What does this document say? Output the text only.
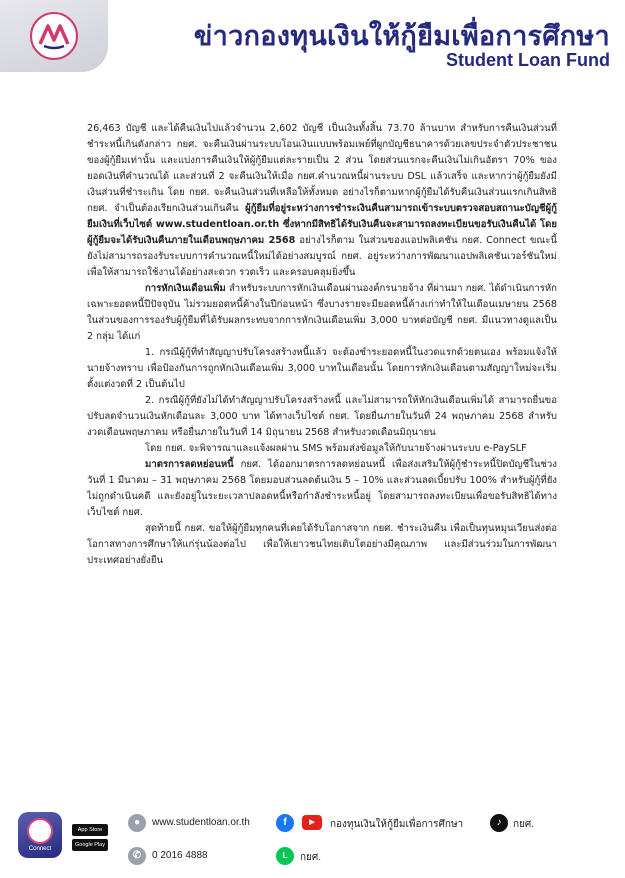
ข่าวกองทุนเงินให้กู้ยืมเพื่อการศึกษา
Student Loan Fund

26,463 บัญชี และได้คืนเงินไปแล้วจำนวน 2,602 บัญชี เป็นเงินทั้งสิ้น 73.70 ล้านบาท สำหรับการคืนเงินส่วนที่ชำระหนี้เกินดังกล่าว กยศ. จะคืนเงินผ่านระบบโอนเงินแบบพร้อมเพย์ที่ผูกบัญชีธนาคารด้วยเลขประจำตัวประชาชนของผู้กู้ยืมเท่านั้น และแบ่งการคืนเงินให้ผู้กู้ยืมแต่ละรายเป็น 2 ส่วน โดยส่วนแรกจะคืนเงินไม่เกินอัตรา 70% ของยอดเงินที่คำนวณได้ และส่วนที่ 2 จะคืนเงินให้เมื่อ กยศ.คำนวณหนี้ผ่านระบบ DSL แล้วเสร็จ และหากว่าผู้กู้ยืมยังมีเงินส่วนที่ชำระเกิน โดย กยศ. จะคืนเงินส่วนที่เหลือให้ทั้งหมด อย่างไรก็ตามหากผู้กู้ยืมได้รับคืนเงินส่วนแรกเกินสิทธิ กยศ. จำเป็นต้องเรียกเงินส่วนเกินคืน ผู้กู้ยืมที่อยู่ระหว่างการชำระเงินคืนสามารถเข้าระบบตรวจสอบสถานะบัญชีผู้กู้ยืมเงินที่เว็บไซต์ www.studentloan.or.th ซึ่งหากมีสิทธิได้รับเงินคืนจะสามารถลงทะเบียนขอรับเงินคืนได้ โดยผู้กู้ยืมจะได้รับเงินคืนภายในเดือนพฤษภาคม 2568 อย่างไรก็ตาม ในส่วนของแอปพลิเคชัน กยศ. Connect ขณะนี้ยังไม่สามารถรองรับระบบการคำนวณหนี้ใหม่ได้อย่างสมบูรณ์ กยศ. อยู่ระหว่างการพัฒนาแอปพลิเคชันเวอร์ชันใหม่ เพื่อให้สามารถใช้งานได้อย่างสะดวก รวดเร็ว และครอบคลุมยิ่งขึ้น

การหักเงินเดือนเพิ่ม สำหรับระบบการหักเงินเดือนผ่านองค์กรนายจ้าง ที่ผ่านมา กยศ. ได้ดำเนินการหักเฉพาะยอดหนี้ปีปัจจุบัน ไม่รวมยอดหนี้ค้างในปีก่อนหน้า ซึ่งบางรายจะมียอดหนี้ค้างเก่าทำให้ในเดือนเมษายน 2568 ในส่วนของการรองรับผู้กู้ยืมที่ได้รับผลกระทบจากการหักเงินเดือนเพิ่ม 3,000 บาทต่อบัญชี กยศ. มีแนวทางดูแลเป็น 2 กลุ่ม ได้แก่

1. กรณีผู้กู้ที่ทำสัญญาปรับโครงสร้างหนี้แล้ว จะต้องชำระยอดหนี้ในงวดแรกด้วยตนเอง พร้อมแจ้งให้นายจ้างทราบ เพื่อป้องกันการถูกหักเงินเดือนเพิ่ม 3,000 บาทในเดือนนั้น โดยการหักเงินเดือนตามสัญญาใหม่จะเริ่มตั้งแต่งวดที่ 2 เป็นต้นไป

2. กรณีผู้กู้ที่ยังไม่ได้ทำสัญญาปรับโครงสร้างหนี้ และไม่สามารถให้หักเงินเดือนเพิ่มได้ สามารถยื่นขอปรับลดจำนวนเงินหักเดือนละ 3,000 บาท ได้ทางเว็บไซต์ กยศ. โดยยื่นภายในวันที่ 24 พฤษภาคม 2568 สำหรับงวดเดือนพฤษภาคม หรือยื่นภายในวันที่ 14 มิถุนายน 2568 สำหรับงวดเดือนมิถุนายน

โดย กยศ. จะพิจารณาและแจ้งผลผ่าน SMS พร้อมส่งข้อมูลให้กับนายจ้างผ่านระบบ e-PaySLF

มาตรการลดหย่อนหนี้ กยศ. ได้ออกมาตรการลดหย่อนหนี้ เพื่อส่งเสริมให้ผู้กู้ชำระหนี้ปิดบัญชีในช่วงวันที่ 1 มีนาคม – 31 พฤษภาคม 2568 โดยมอบส่วนลดต้นเงิน 5 – 10% และส่วนลดเบี้ยปรับ 100% สำหรับผู้กู้ที่ยังไม่ถูกดำเนินคดี และยังอยู่ในระยะเวลาปลอดหนี้หรือกำลังชำระหนี้อยู่ โดยสามารถลงทะเบียนเพื่อขอรับสิทธิได้ทางเว็บไซต์ กยศ.

สุดท้ายนี้ กยศ. ขอให้ผู้กู้ยืมทุกคนที่เคยได้รับโอกาสจาก กยศ. ชำระเงินคืน เพื่อเป็นทุนหมุนเวียนส่งต่อโอกาสทางการศึกษาให้แก่รุ่นน้องต่อไป เพื่อให้เยาวชนไทยเติบโตอย่างมีคุณภาพ และมีส่วนร่วมในการพัฒนาประเทศอย่างยั่งยืน

Connect
App Store
Google Play
●	www.studentloan.or.th	f	▶	กองทุนเงินให้กู้ยืมเพื่อการศึกษา	♪	กยศ.
✆	0 2016 4888	L	กยศ.
